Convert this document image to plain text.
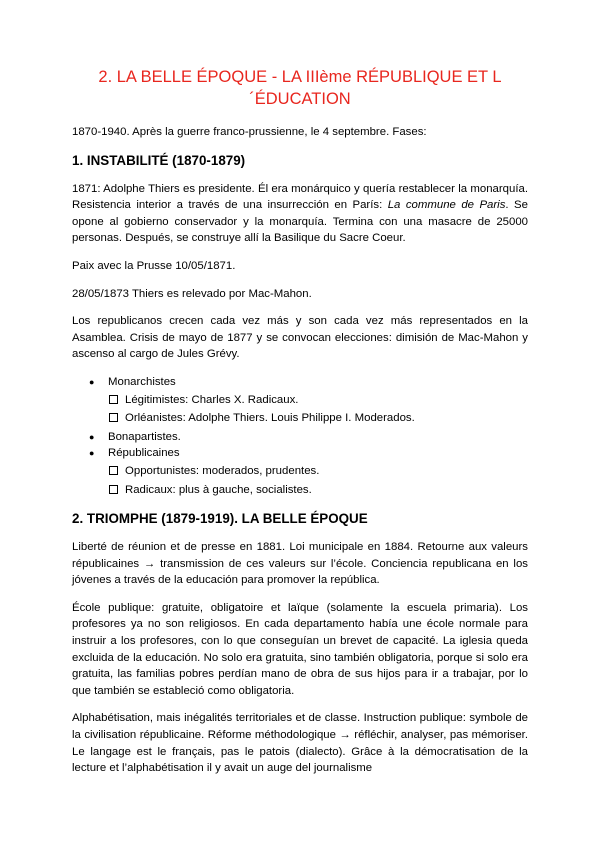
2. LA BELLE ÉPOQUE - LA IIIème RÉPUBLIQUE ET L´ÉDUCATION

1870-1940. Après la guerre franco-prussienne, le 4 septembre. Fases:

1. INSTABILITÉ (1870-1879)

1871: Adolphe Thiers es presidente. Él era monárquico y quería restablecer la monarquía. Resistencia interior a través de una insurrección en París: La commune de Paris. Se opone al gobierno conservador y la monarquía. Termina con una masacre de 25000 personas. Después, se construye allí la Basilique du Sacre Coeur.

Paix avec la Prusse 10/05/1871.

28/05/1873 Thiers es relevado por Mac-Mahon.

Los republicanos crecen cada vez más y son cada vez más representados en la Asamblea. Crisis de mayo de 1877 y se convocan elecciones: dimisión de Mac-Mahon y ascenso al cargo de Jules Grévy.

● Monarchistes
Légitimistes: Charles X. Radicaux.
Orléanistes: Adolphe Thiers. Louis Philippe I. Moderados.
● Bonapartistes.
● Républicaines
Opportunistes: moderados, prudentes.
Radicaux: plus à gauche, socialistes.
2. TRIOMPHE (1879-1919). LA BELLE ÉPOQUE

Liberté de réunion et de presse en 1881. Loi municipale en 1884. Retourne aux valeurs républicaines → transmission de ces valeurs sur l’école. Conciencia republicana en los jóvenes a través de la educación para promover la república.

École publique: gratuite, obligatoire et laïque (solamente la escuela primaria). Los profesores ya no son religiosos. En cada departamento había une école normale para instruir a los profesores, con lo que conseguían un brevet de capacité. La iglesia queda excluida de la educación. No solo era gratuita, sino también obligatoria, porque si solo era gratuita, las familias pobres perdían mano de obra de sus hijos para ir a trabajar, por lo que también se estableció como obligatoria.

Alphabétisation, mais inégalités territoriales et de classe. Instruction publique: symbole de la civilisation républicaine. Réforme méthodologique → réfléchir, analyser, pas mémoriser. Le langage est le français, pas le patois (dialecto). Grâce à la démocratisation de la lecture et l’alphabétisation il y avait un auge del journalisme
